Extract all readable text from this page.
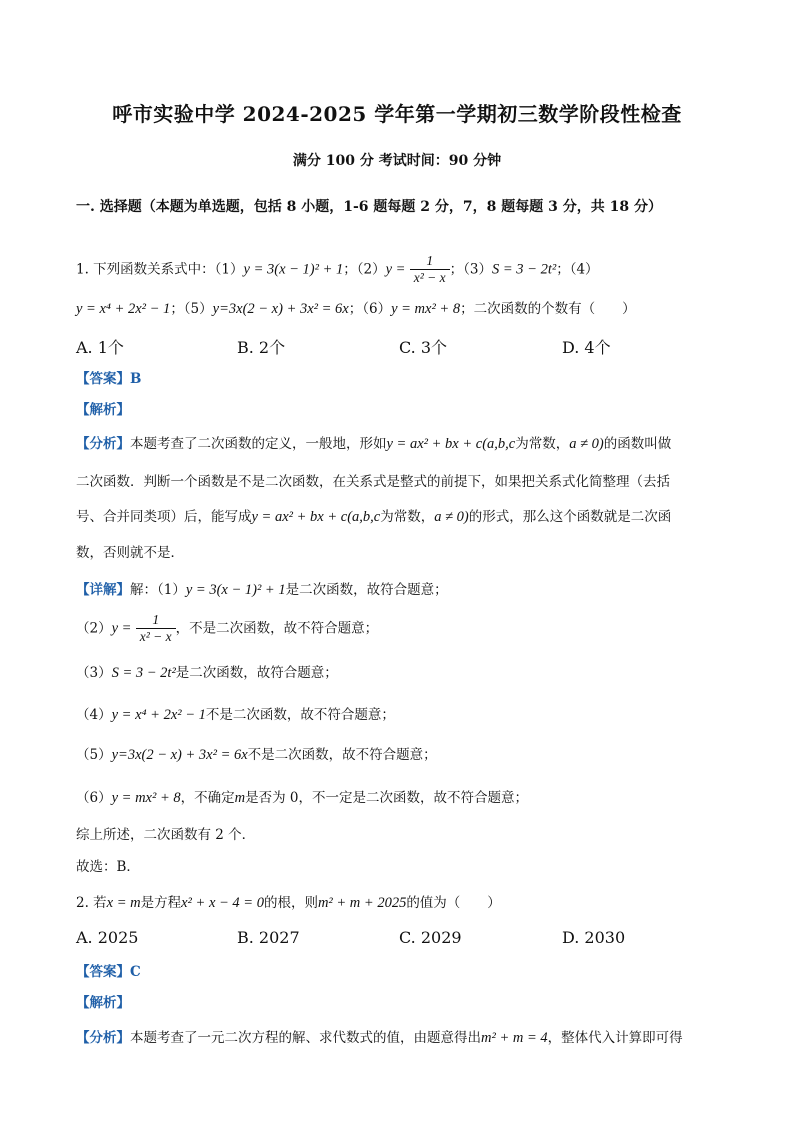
呼市实验中学 2024-2025 学年第一学期初三数学阶段性检查
满分 100 分 考试时间：90 分钟
一. 选择题（本题为单选题，包括 8 小题，1-6 题每题 2 分，7，8 题每题 3 分，共 18 分）
1. 下列函数关系式中：（1）y = 3(x − 1)² + 1；$(2)y = \frac{1}{\text{x² − x}}$ ；（3）S = 3 − 2t²；（4）
y = x⁴ + 2x² − 1；（5）y=3x(2 − x) + 3x² = 6x；（6）y = mx² + 8；二次函数的个数有（　　）
A. 1个	B. 2个	C. 3个	D. 4个
【答案】B
【解析】
【分析】本题考查了二次函数的定义，一般地，形如y = ax² + bx + c(a,b,c为常数，a ≠ 0)的函数叫做
二次函数．判断一个函数是不是二次函数，在关系式是整式的前提下，如果把关系式化简整理（去括
号、合并同类项）后，能写成y = ax² + bx + c(a,b,c为常数，a ≠ 0)的形式，那么这个函数就是二次函
数，否则就不是．
【详解】解：（1）y = 3(x − 1)² + 1是二次函数，故符合题意；
$(2)y = \frac{1}{\text{x² − x}}$ ，不是二次函数，故不符合题意；
（3）S = 3 − 2t²是二次函数，故符合题意；
（4）y = x⁴ + 2x² − 1不是二次函数，故不符合题意；
（5）y=3x(2 − x) + 3x² = 6x不是二次函数，故不符合题意；
（6）y = mx² + 8，不确定m是否为 0，不一定是二次函数，故不符合题意；
综上所述，二次函数有 2 个．
故选：B．
2. 若x = m是方程x² + x − 4 = 0的根，则m² + m + 2025的值为（　　）
A. 2025	B. 2027	C. 2029	D. 2030
【答案】C
【解析】
【分析】本题考查了一元二次方程的解、求代数式的值，由题意得出m² + m = 4，整体代入计算即可得
